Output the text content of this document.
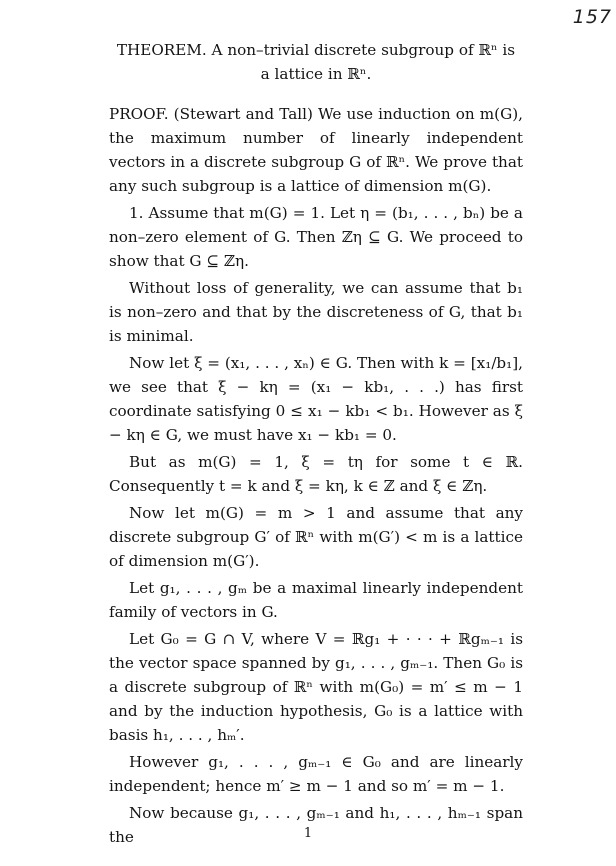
157
THEOREM. A non–trivial discrete subgroup of ℝⁿ is a lattice in ℝⁿ.

PROOF. (Stewart and Tall) We use induction on m(G), the maximum number of linearly independent vectors in a discrete subgroup G of ℝⁿ. We prove that any such subgroup is a lattice of dimension m(G).

1. Assume that m(G) = 1. Let η = (b₁, . . . , bₙ) be a non–zero element of G. Then ℤη ⊆ G. We proceed to show that G ⊆ ℤη.

Without loss of generality, we can assume that b₁ is non–zero and that by the discreteness of G, that b₁ is minimal.

Now let ξ = (x₁, . . . , xₙ) ∈ G. Then with k = [x₁/b₁], we see that ξ − kη = (x₁ − kb₁, . . .) has first coordinate satisfying 0 ≤ x₁ − kb₁ < b₁. However as ξ − kη ∈ G, we must have x₁ − kb₁ = 0.

But as m(G) = 1, ξ = tη for some t ∈ ℝ. Consequently t = k and ξ = kη, k ∈ ℤ and ξ ∈ ℤη.

Now let m(G) = m > 1 and assume that any discrete subgroup G′ of ℝⁿ with m(G′) < m is a lattice of dimension m(G′).

Let g₁, . . . , gₘ be a maximal linearly independent family of vectors in G.

Let G₀ = G ∩ V, where V = ℝg₁ + · · · + ℝgₘ₋₁ is the vector space spanned by g₁, . . . , gₘ₋₁. Then G₀ is a discrete subgroup of ℝⁿ with m(G₀) = m′ ≤ m − 1 and by the induction hypothesis, G₀ is a lattice with basis h₁, . . . , hₘ′.

However g₁, . . . , gₘ₋₁ ∈ G₀ and are linearly independent; hence m′ ≥ m − 1 and so m′ = m − 1.

Now because g₁, . . . , gₘ₋₁ and h₁, . . . , hₘ₋₁ span the	1
